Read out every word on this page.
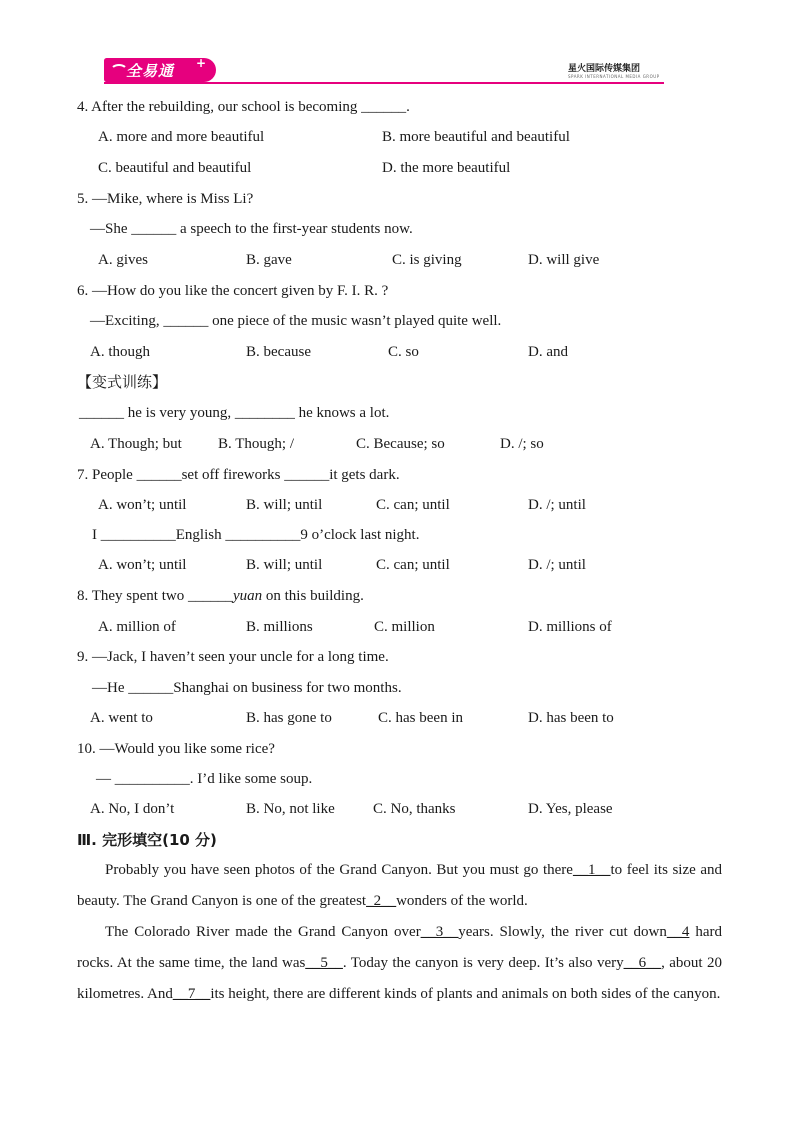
全易通 +	星火国际传媒集团
SPARK INTERNATIONAL MEDIA GROUP
4. After the rebuilding, our school is becoming ______.
A. more and more beautiful	B. more beautiful and beautiful
C. beautiful and beautiful	D. the more beautiful
5. —Mike, where is Miss Li?
—She ______ a speech to the first-year students now.
A. gives	B. gave	C. is giving	D. will give
6. —How do you like the concert given by F. I. R. ?
—Exciting, ______ one piece of the music wasn’t played quite well.
A. though	B. because	C. so	D. and
【变式训练】
______ he is very young, ________ he knows a lot.
A. Though; but B. Though; /	C. Because; so	D. /; so
7. People ______set off fireworks ______it gets dark.
A. won’t; until	B. will; until	C. can; until	D. /; until
I __________English __________9 o’clock last night.
A. won’t; until	B. will; until	C. can; until	D. /; until
8. They spent two ______yuan on this building.
A. million of	B. millions	C. million	D. millions of
9. —Jack, I haven’t seen your uncle for a long time.
—He ______Shanghai on business for two months.
A. went to	B. has gone to	C. has been in	D. has been to
10. —Would you like some rice?
— __________. I’d like some soup.
A. No, I don’t	B. No, not like	C. No, thanks	D. Yes, please
Ⅲ. 完形填空(10 分)
Probably you have seen photos of the Grand Canyon. But you must go there__1__to feel its size and beauty. The Grand Canyon is one of the greatest_2__wonders of the world.
The Colorado River made the Grand Canyon over__3__years. Slowly, the river cut down__4 hard rocks. At the same time, the land was__5__. Today the canyon is very deep. It’s also very__6__, about 20 kilometres. And__7__its height, there are different kinds of plants and animals on both sides of the canyon.
